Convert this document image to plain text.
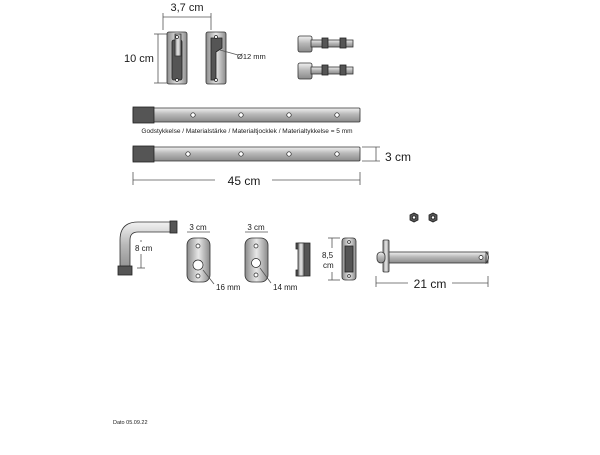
3,7 cm
10 cm	Ø12 mm
Godstykkelse / Materialstärke / Materialtjocklek / Materialtykkelse = 5 mm
3 cm
45 cm
8 cm
3 cm
16 mm
3 cm
14 mm
8,5
cm
21 cm
Dato 05.09.22
